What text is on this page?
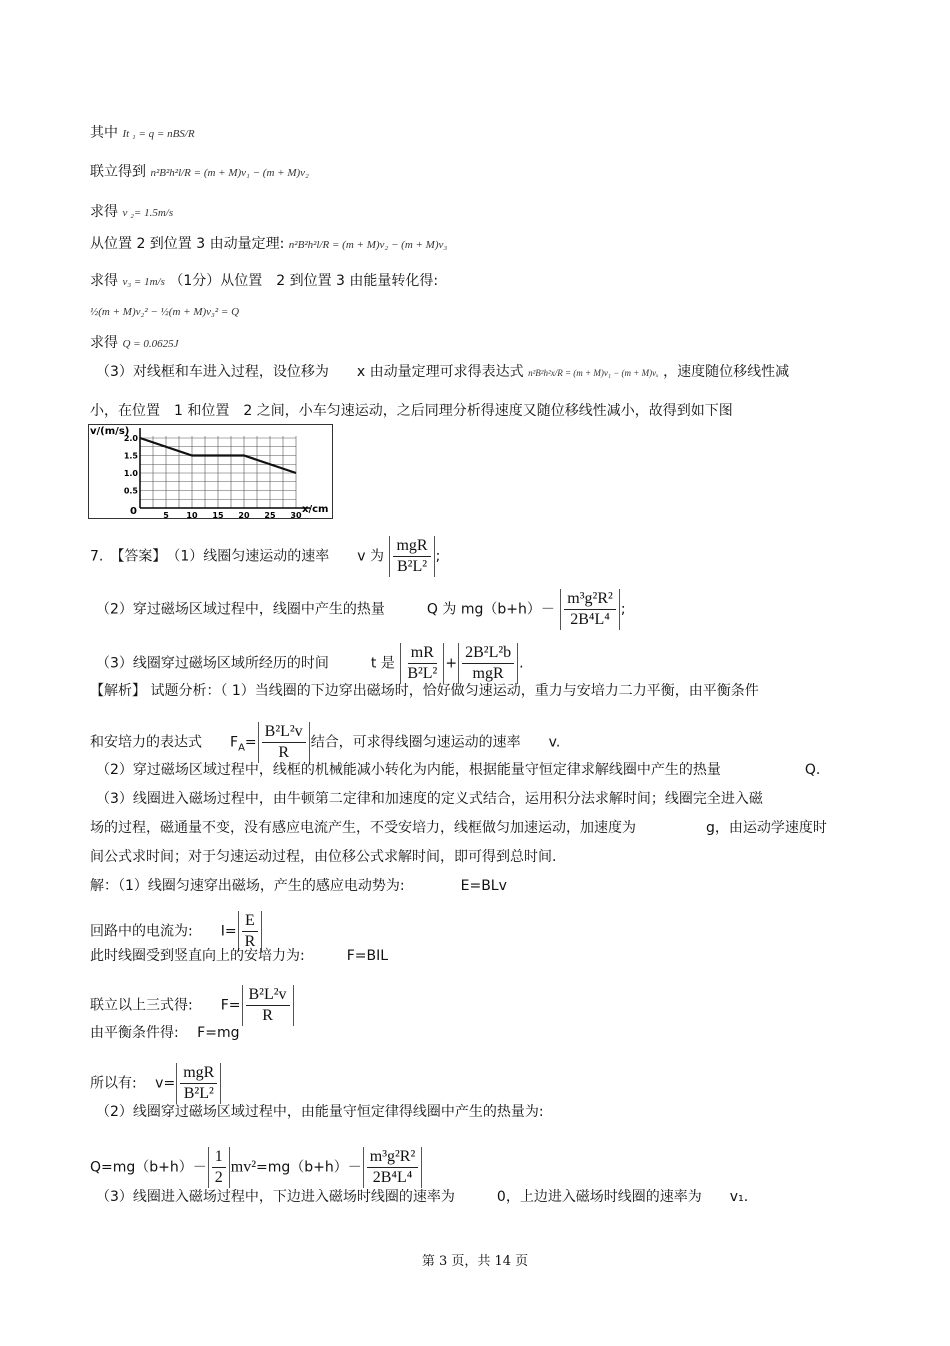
其中 It ₁ = q = nBS/R
联立得到 n²B²h²l/R = (m + M)v₁ − (m + M)v₂
求得 v ₂= 1.5m/s
从位置 2 到位置 3 由动量定理: n²B²h²l/R = (m + M)v₂ − (m + M)v₃
求得 v₃ = 1m/s （1分）从位置　2 到位置 3 由能量转化得:
½(m + M)v₂² − ½(m + M)v₃² = Q
求得 Q = 0.0625J
（3）对线框和车进入过程，设位移为　　x 由动量定理可求得表达式 n²B²h²x/R = (m + M)v₁ − (m + M)vₓ ，速度随位移线性减
小，在位置　1 和位置　2 之间，小车匀速运动，之后同理分析得速度又随位移线性减小，故得到如下图
5 10 15 20 25 30
0.5
1.0
1.5
2.0
v/(m/s)
x/cm
0
7.　【答案】　（1）线圈匀速运动的速率　　v 为
mgR
B²L²
;
（2）穿过磁场区域过程中，线圈中产生的热量　　　Q 为 $mg(b+h)- \frac{\text{m³g²R²}}{\text{2B⁴L⁴}}$ ;
（3）线圈穿过磁场区域所经历的时间　　　t 是 $\frac{mR}{\text{B²L²}}$ +
2B²L²b
mgR
.
【解析】 试题分析：（ 1）当线圈的下边穿出磁场时，恰好做匀速运动，重力与安培力二力平衡，由平衡条件
和安培力的表达式　　$F_A= \frac{\text{B²L²v}}{R}$ 结合，可求得线圈匀速运动的速率　　v.
（2）穿过磁场区域过程中，线框的机械能减小转化为内能，根据能量守恒定律求解线圈中产生的热量　　　　　　Q.
（3）线圈进入磁场过程中，由牛顿第二定律和加速度的定义式结合，运用积分法求解时间；线圈完全进入磁
场的过程，磁通量不变，没有感应电流产生，不受安培力，线框做匀加速运动，加速度为　　　　　g，由运动学速度时
间公式求时间；对于匀速运动过程，由位移公式求解时间，即可得到总时间.
解：（1）线圈匀速穿出磁场，产生的感应电动势为:　　　　E=BLv
回路中的电流为:　　$I= \frac{E}{R}$
此时线圈受到竖直向上的安培力为:　　　F=BIL
联立以上三式得:　　$F= \frac{\text{B²L²v}}{R}$
由平衡条件得:　 F=mg
所以有:　 v=
mgR
B²L²
（2）线圈穿过磁场区域过程中，由能量守恒定律得线圈中产生的热量为:
$Q=mg(b+h)- \frac{1}{2} mv^2=mg(b+h)- \frac{\text{m³g²R²}}{\text{2B⁴L⁴}}$
（3）线圈进入磁场过程中，下边进入磁场时线圈的速率为　　　0，上边进入磁场时线圈的速率为　　v₁.
第 3 页，共 14 页
